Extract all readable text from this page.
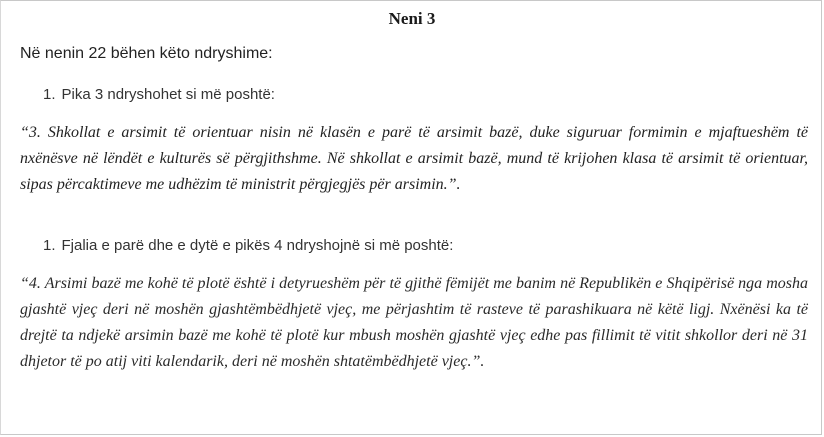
Neni 3
Në nenin 22 bëhen këto ndryshime:
1. Pika 3 ndryshohet si më poshtë:
“3. Shkollat e arsimit të orientuar nisin në klasën e parë të arsimit bazë, duke siguruar formimin e mjaftueshëm të nxënësve në lëndët e kulturës së përgjithshme. Në shkollat e arsimit bazë, mund të krijohen klasa të arsimit të orientuar, sipas përcaktimeve me udhëzim të ministrit përgjegjës për arsimin.”.
1. Fjalia e parë dhe e dytë e pikës 4 ndryshojnë si më poshtë:
“4. Arsimi bazë me kohë të plotë është i detyrueshëm për të gjithë fëmijët me banim në Republikën e Shqipërisë nga mosha gjashtë vjeç deri në moshën gjashtëmbëdhjetë vjeç, me përjashtim të rasteve të parashikuara në këtë ligj. Nxënësi ka të drejtë ta ndjekë arsimin bazë me kohë të plotë kur mbush moshën gjashtë vjeç edhe pas fillimit të vitit shkollor deri në 31 dhjetor të po atij viti kalendarik, deri në moshën shtatëmbëdhjetë vjeç.”.
